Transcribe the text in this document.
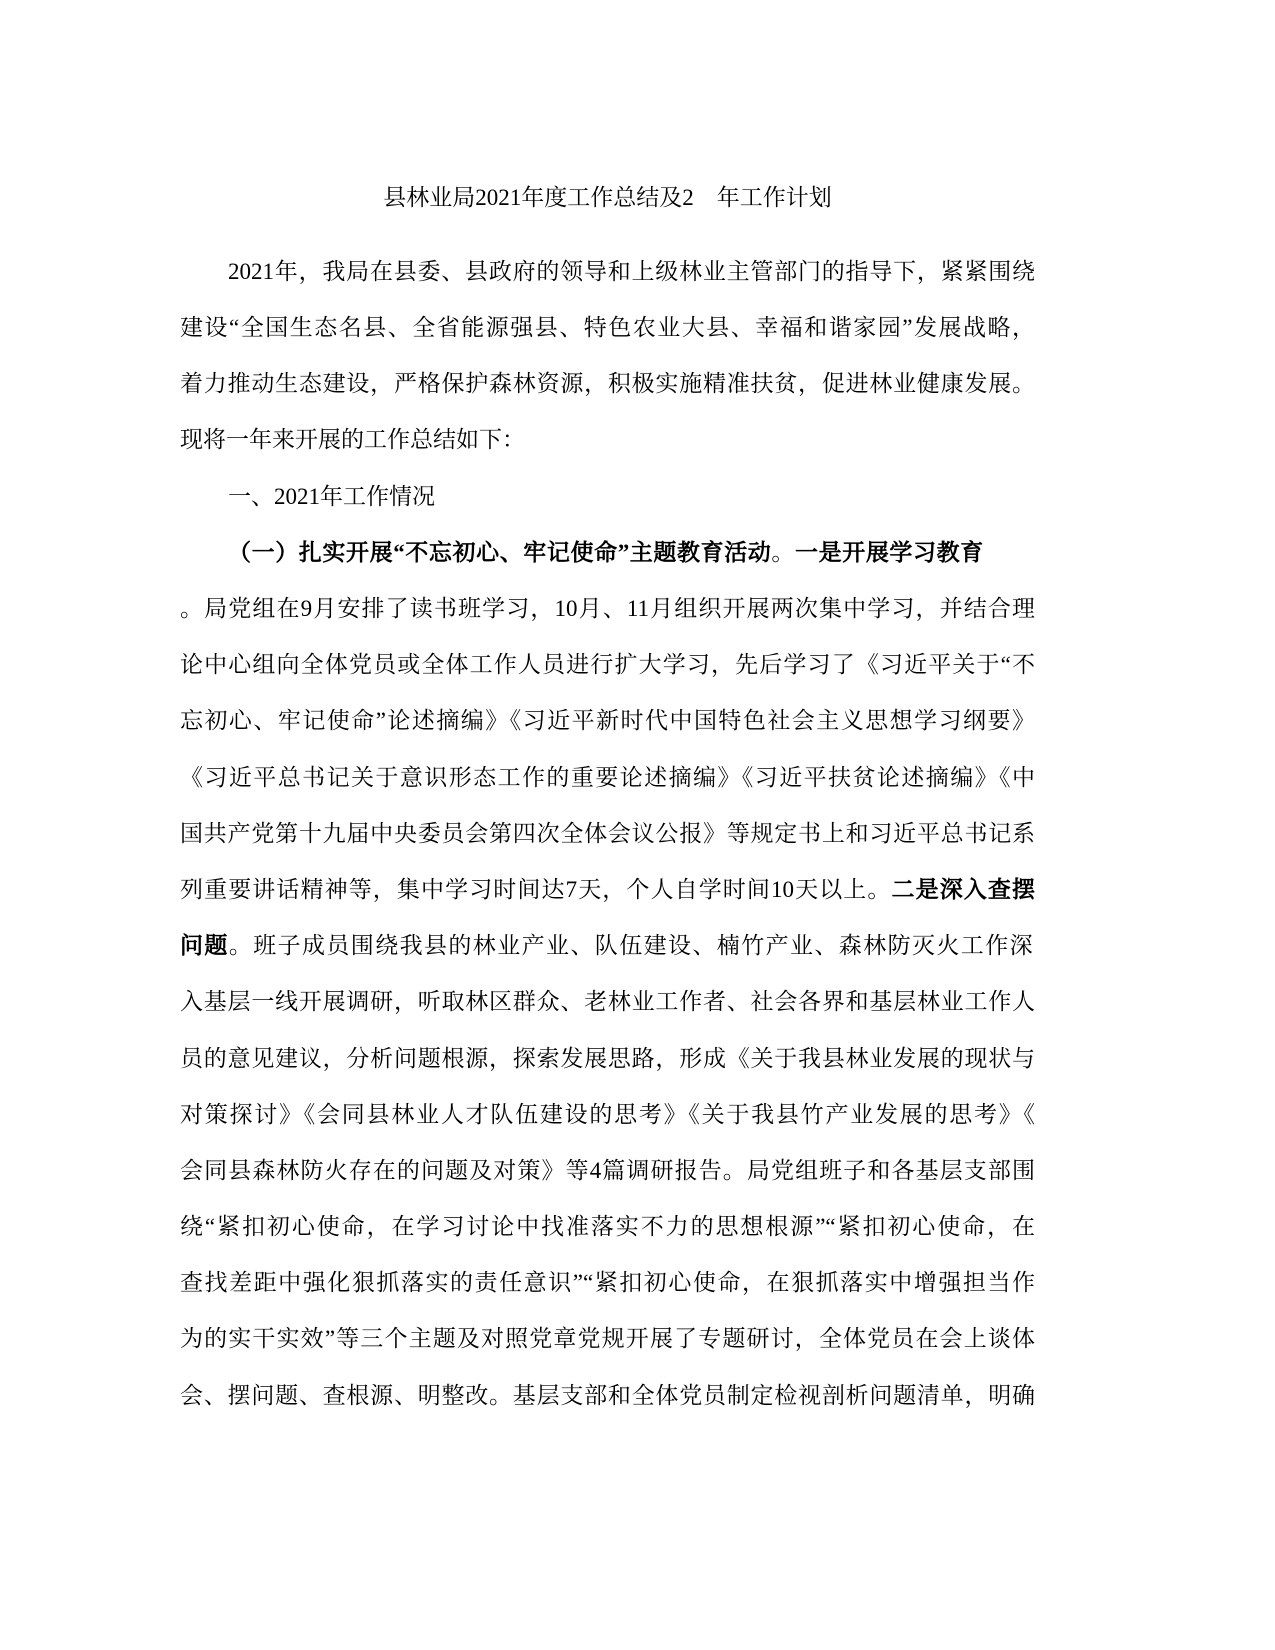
县林业局2021年度工作总结及2　年工作计划
2021年，我局在县委、县政府的领导和上级林业主管部门的指导下，紧紧围绕
建设“全国生态名县、全省能源强县、特色农业大县、幸福和谐家园”发展战略，
着力推动生态建设，严格保护森林资源，积极实施精准扶贫，促进林业健康发展。
现将一年来开展的工作总结如下：
一、2021年工作情况
（一）扎实开展“不忘初心、牢记使命”主题教育活动。一是开展学习教育
。局党组在9月安排了读书班学习，10月、11月组织开展两次集中学习，并结合理
论中心组向全体党员或全体工作人员进行扩大学习，先后学习了《习近平关于“不
忘初心、牢记使命”论述摘编》《习近平新时代中国特色社会主义思想学习纲要》
《习近平总书记关于意识形态工作的重要论述摘编》《习近平扶贫论述摘编》《中
国共产党第十九届中央委员会第四次全体会议公报》等规定书上和习近平总书记系
列重要讲话精神等，集中学习时间达7天，个人自学时间10天以上。二是深入查摆
问题。班子成员围绕我县的林业产业、队伍建设、楠竹产业、森林防灭火工作深
入基层一线开展调研，听取林区群众、老林业工作者、社会各界和基层林业工作人
员的意见建议，分析问题根源，探索发展思路，形成《关于我县林业发展的现状与
对策探讨》《会同县林业人才队伍建设的思考》《关于我县竹产业发展的思考》《
会同县森林防火存在的问题及对策》等4篇调研报告。局党组班子和各基层支部围
绕“紧扣初心使命，在学习讨论中找准落实不力的思想根源”“紧扣初心使命，在
查找差距中强化狠抓落实的责任意识”“紧扣初心使命，在狠抓落实中增强担当作
为的实干实效”等三个主题及对照党章党规开展了专题研讨，全体党员在会上谈体
会、摆问题、查根源、明整改。基层支部和全体党员制定检视剖析问题清单，明确
